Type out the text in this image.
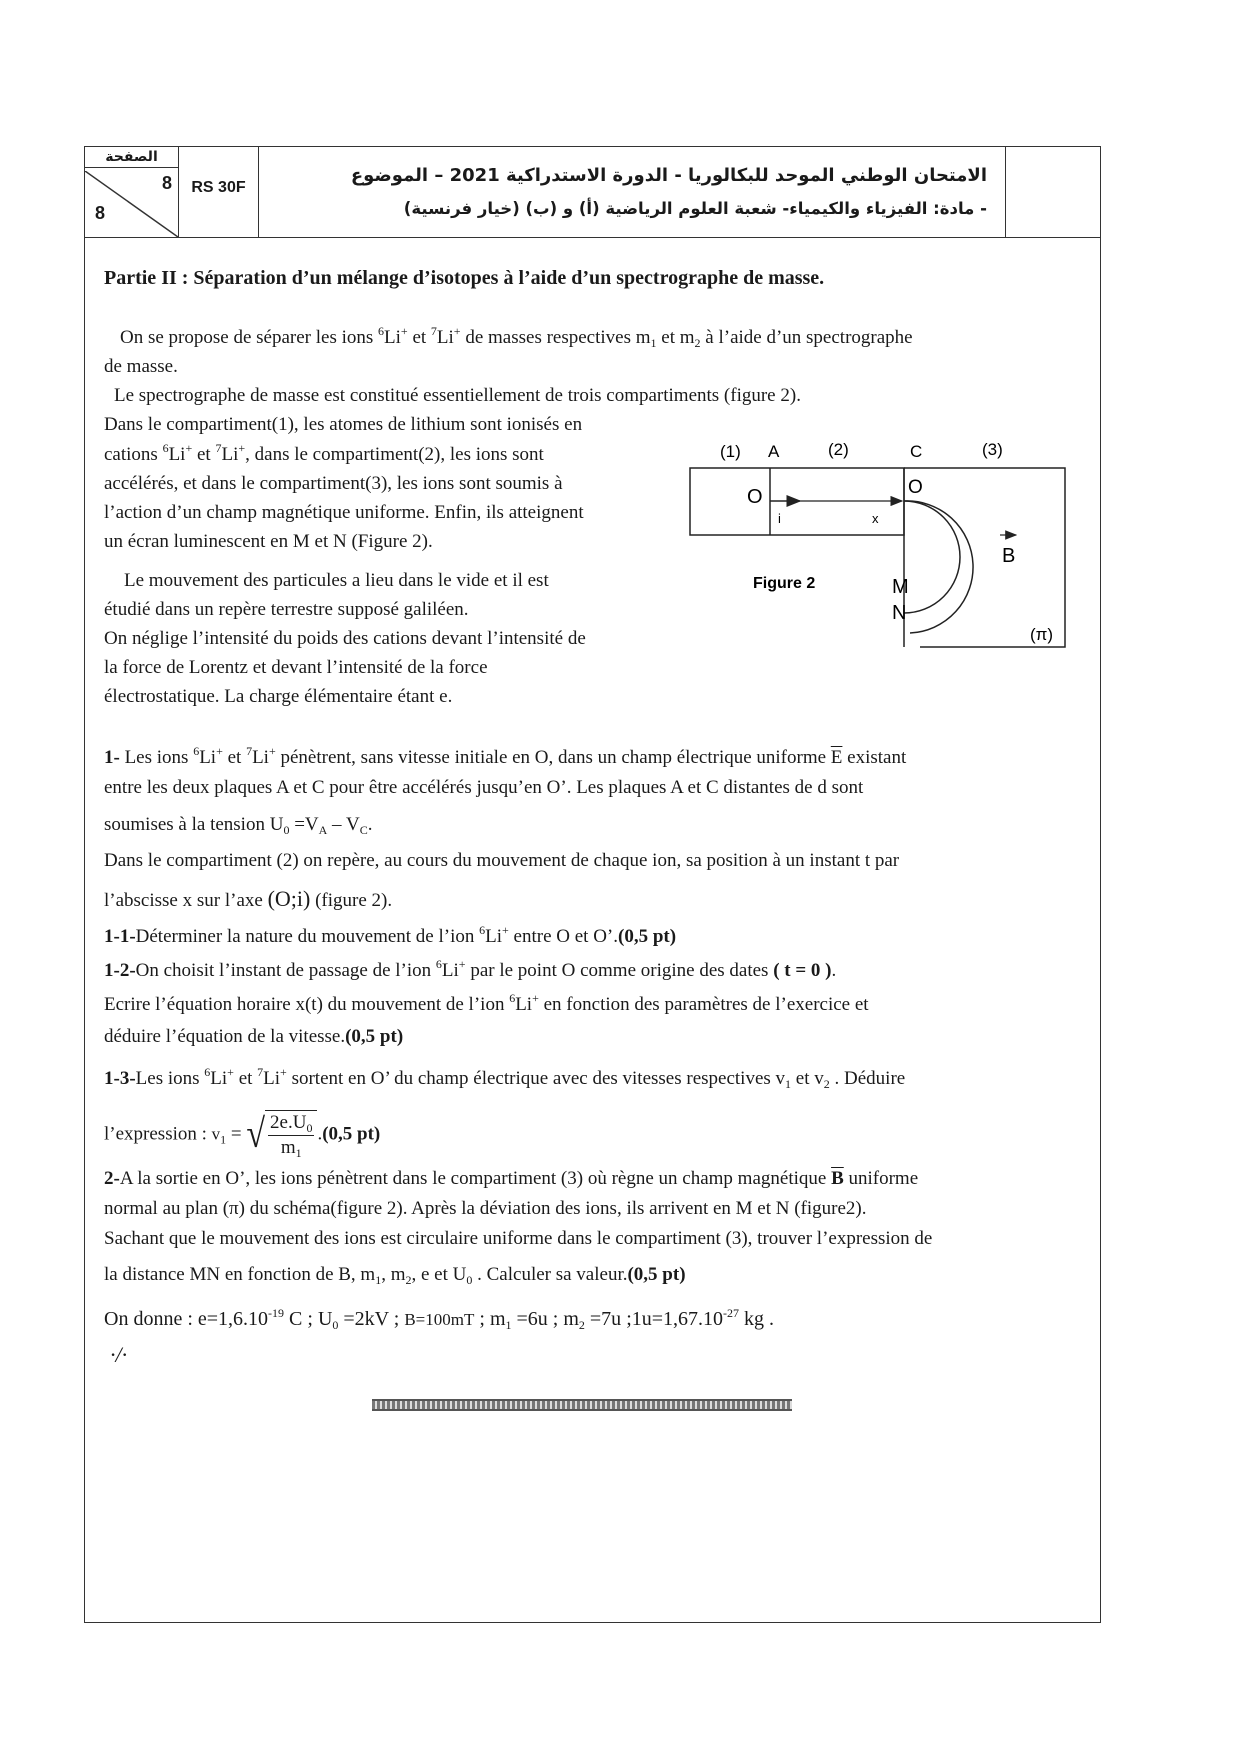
الصفحة
8
8
RS 30F
الامتحان الوطني الموحد للبكالوريا - الدورة الاستدراكية 2021 – الموضوع
- مادة: الفيزياء والكيمياء- شعبة العلوم الرياضية (أ) و (ب) (خيار فرنسية)
Partie II : Séparation d’un mélange d’isotopes à l’aide d’un spectrographe de masse.
On se propose de séparer les ions $^6$Li+ et $^7$Li+ de masses respectives $m_1$ et $m_2$ à l’aide d’un spectrographe
de masse.
Le spectrographe de masse est constitué essentiellement de trois compartiments (figure 2).
Dans le compartiment(1), les atomes de lithium sont ionisés en
cations $^6$Li+ et $^7$Li+, dans le compartiment(2), les ions sont
accélérés, et dans le compartiment(3), les ions sont soumis à
l’action d’un champ magnétique uniforme. Enfin, ils atteignent
un écran luminescent en M et N (Figure 2).
Le mouvement des particules a lieu dans le vide et il est
étudié dans un repère terrestre supposé galiléen.
On néglige l’intensité du poids des cations devant l’intensité de
la force de Lorentz et devant l’intensité de la force
électrostatique. La charge élémentaire étant e.
(1) A	(2)	C	(3)
O
i	x
O
M
N
B
(π)
Figure 2
1- Les ions $^6$Li+ et $^7$Li+ pénètrent, sans vitesse initiale en O, dans un champ électrique uniforme $\overline{E}$ existant
entre les deux plaques A et C pour être accélérés jusqu’en O’. Les plaques A et C distantes de d sont
soumises à la tension $U_0 =V_A - V_C$.
Dans le compartiment (2) on repère, au cours du mouvement de chaque ion, sa position à un instant t par
l’abscisse x sur l’axe (O;i) (figure 2).
1-1-Déterminer la nature du mouvement de l’ion $^6$Li+ entre O et O’.(0,5 pt)
1-2-On choisit l’instant de passage de l’ion $^6$Li+ par le point O comme origine des dates ( t = 0 ).
Ecrire l’équation horaire x(t) du mouvement de l’ion $^6$Li+ en fonction des paramètres de l’exercice et
déduire l’équation de la vitesse.(0,5 pt)
1-3-Les ions $^6$Li+ et $^7$Li+ sortent en O’ du champ électrique avec des vitesses respectives $v_1$ et $v_2$ . Déduire
l’expression : $v_1$ = √ $\frac{2e.U_0}{m_1} .(0,5$ pt)
2-A la sortie en O’, les ions pénètrent dans le compartiment (3) où règne un champ magnétique $\overline{B}$ uniforme
normal au plan (π) du schéma(figure 2). Après la déviation des ions, ils arrivent en M et N (figure2).
Sachant que le mouvement des ions est circulaire uniforme dans le compartiment (3), trouver l’expression de
la distance MN en fonction de B, $m_1$, $m_2$, e et $U_0$ . Calculer sa valeur.(0,5 pt)
On donne : $e=1,6.10^{-19}$ C ; $U_0 =2kV$ ; B=100mT ; $m_1 =6u$ ; $m_2 =7u$ $;1u=1,67.10^{-27}$ kg .
·/·
